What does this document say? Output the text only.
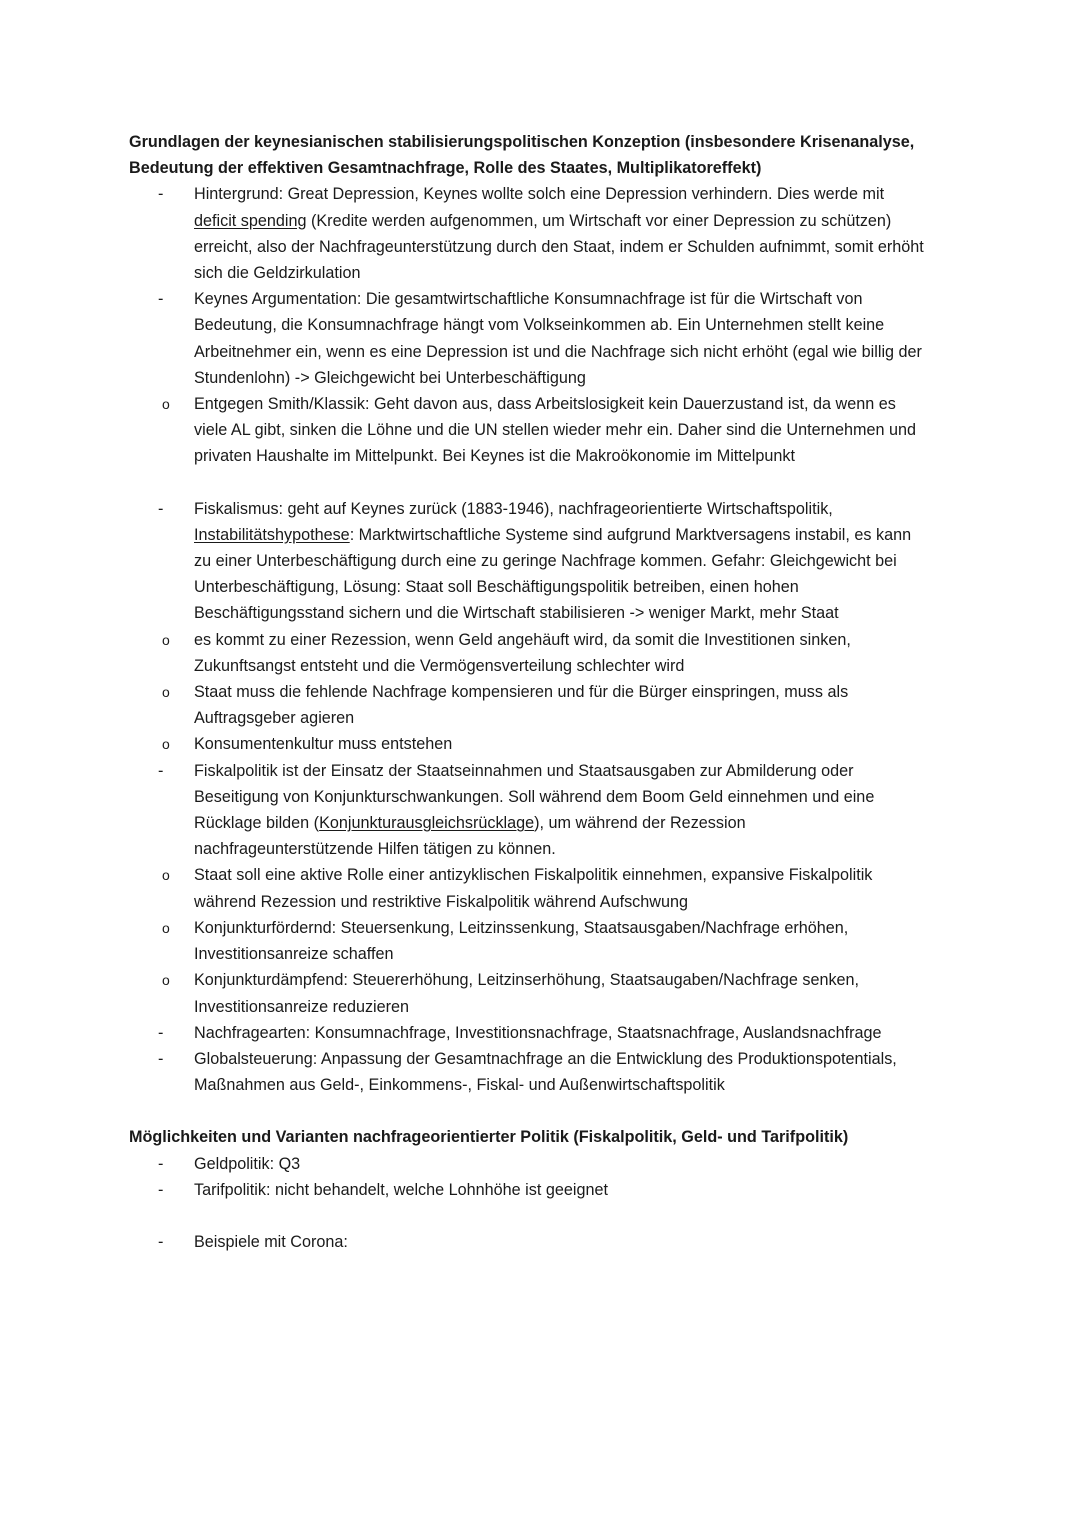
Grundlagen der keynesianischen stabilisierungspolitischen Konzeption (insbesondere Krisenanalyse, Bedeutung der effektiven Gesamtnachfrage, Rolle des Staates, Multiplikatoreffekt)

- Hintergrund: Great Depression, Keynes wollte solch eine Depression verhindern. Dies werde mit deficit spending (Kredite werden aufgenommen, um Wirtschaft vor einer Depression zu schützen) erreicht, also der Nachfrageunterstützung durch den Staat, indem er Schulden aufnimmt, somit erhöht sich die Geldzirkulation
- Keynes Argumentation: Die gesamtwirtschaftliche Konsumnachfrage ist für die Wirtschaft von Bedeutung, die Konsumnachfrage hängt vom Volkseinkommen ab. Ein Unternehmen stellt keine Arbeitnehmer ein, wenn es eine Depression ist und die Nachfrage sich nicht erhöht (egal wie billig der Stundenlohn) -> Gleichgewicht bei Unterbeschäftigung
o Entgegen Smith/Klassik: Geht davon aus, dass Arbeitslosigkeit kein Dauerzustand ist, da wenn es viele AL gibt, sinken die Löhne und die UN stellen wieder mehr ein. Daher sind die Unternehmen und privaten Haushalte im Mittelpunkt. Bei Keynes ist die Makroökonomie im Mittelpunkt
- Fiskalismus: geht auf Keynes zurück (1883-1946), nachfrageorientierte Wirtschaftspolitik, Instabilitätshypothese: Marktwirtschaftliche Systeme sind aufgrund Marktversagens instabil, es kann zu einer Unterbeschäftigung durch eine zu geringe Nachfrage kommen. Gefahr: Gleichgewicht bei Unterbeschäftigung, Lösung: Staat soll Beschäftigungspolitik betreiben, einen hohen Beschäftigungsstand sichern und die Wirtschaft stabilisieren -> weniger Markt, mehr Staat
o es kommt zu einer Rezession, wenn Geld angehäuft wird, da somit die Investitionen sinken, Zukunftsangst entsteht und die Vermögensverteilung schlechter wird
o Staat muss die fehlende Nachfrage kompensieren und für die Bürger einspringen, muss als Auftragsgeber agieren
o Konsumentenkultur muss entstehen
- Fiskalpolitik ist der Einsatz der Staatseinnahmen und Staatsausgaben zur Abmilderung oder Beseitigung von Konjunkturschwankungen. Soll während dem Boom Geld einnehmen und eine Rücklage bilden (Konjunkturausgleichsrücklage), um während der Rezession nachfrageunterstützende Hilfen tätigen zu können.
o Staat soll eine aktive Rolle einer antizyklischen Fiskalpolitik einnehmen, expansive Fiskalpolitik während Rezession und restriktive Fiskalpolitik während Aufschwung
o Konjunkturfördernd: Steuersenkung, Leitzinssenkung, Staatsausgaben/Nachfrage erhöhen, Investitionsanreize schaffen
o Konjunkturdämpfend: Steuererhöhung, Leitzinserhöhung, Staatsaugaben/Nachfrage senken, Investitionsanreize reduzieren
- Nachfragearten: Konsumnachfrage, Investitionsnachfrage, Staatsnachfrage, Auslandsnachfrage
- Globalsteuerung: Anpassung der Gesamtnachfrage an die Entwicklung des Produktionspotentials, Maßnahmen aus Geld-, Einkommens-, Fiskal- und Außenwirtschaftspolitik

Möglichkeiten und Varianten nachfrageorientierter Politik (Fiskalpolitik, Geld- und Tarifpolitik)

- Geldpolitik: Q3
- Tarifpolitik: nicht behandelt, welche Lohnhöhe ist geeignet
- Beispiele mit Corona:
